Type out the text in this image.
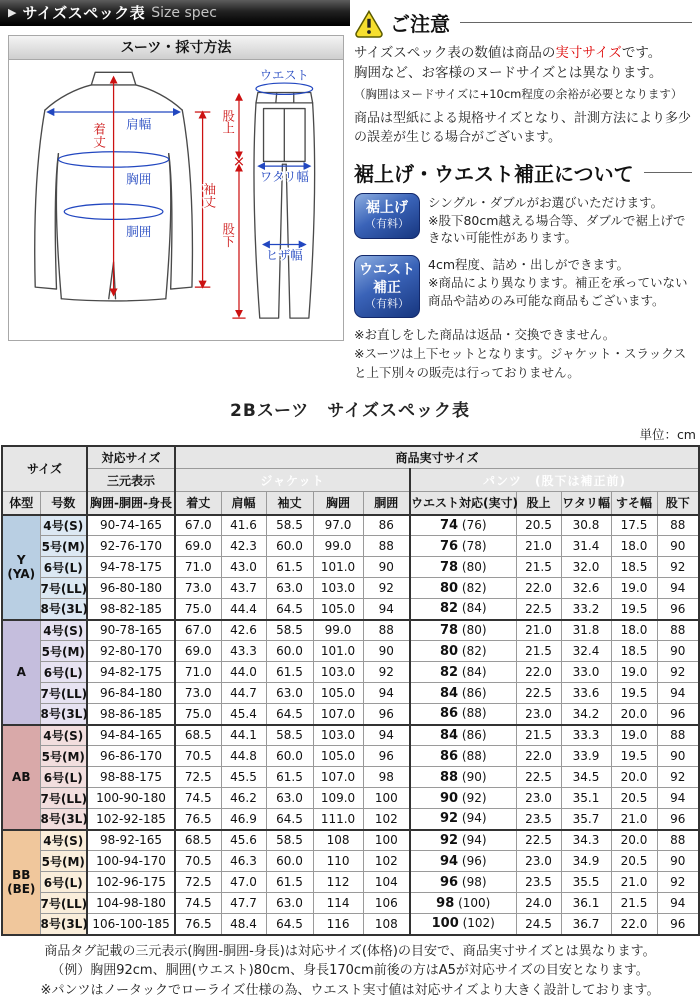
▶ サイズスペック表 Size spec
スーツ・採寸方法
肩幅
着丈
胸囲
胴囲
袖丈
ウエスト
股上
ワタリ幅
股下
ヒザ幅
ご注意

サイズスペック表の数値は商品の実寸サイズです。

胸囲など、お客様のヌードサイズとは異なります。

（胸囲はヌードサイズに+10cm程度の余裕が必要となります）

商品は型紙による規格サイズとなり、計測方法により多少の誤差が生じる場合がございます。

裾上げ・ウエスト補正について
裾上げ
（有料）
シングル・ダブルがお選びいただけます。
※股下80cm越える場合等、ダブルで裾上げできない可能性があります。
ウエスト
補正
（有料）
4cm程度、詰め・出しができます。
※商品により異なります。補正を承っていない商品や詰めのみ可能な商品もございます。
※お直しをした商品は返品・交換できません。
※スーツは上下セットとなります。ジャケット・スラックスと上下別々の販売は行っておりません。
2Bスーツ　サイズスペック表
単位：cm
サイズ		対応サイズ	商品実寸サイズ									
		三元表示	ジャケット					パンツ　(股下は補正前)				
体型	号数	胸囲-胴囲-身長	着丈	肩幅	袖丈	胸囲	胴囲	ウエスト対応(実寸)	股上	ワタリ幅	すそ幅	股下

Y
(YA)	4号(S)	90-74-165	67.0	41.6	58.5	97.0	86	74 (76)	20.5	30.8	17.5	88
	5号(M)	92-76-170	69.0	42.3	60.0	99.0	88	76 (78)	21.0	31.4	18.0	90
	6号(L)	94-78-175	71.0	43.0	61.5	101.0	90	78 (80)	21.5	32.0	18.5	92
	7号(LL)	96-80-180	73.0	43.7	63.0	103.0	92	80 (82)	22.0	32.6	19.0	94
	8号(3L)	98-82-185	75.0	44.4	64.5	105.0	94	82 (84)	22.5	33.2	19.5	96

A	4号(S)	90-78-165	67.0	42.6	58.5	99.0	88	78 (80)	21.0	31.8	18.0	88
	5号(M)	92-80-170	69.0	43.3	60.0	101.0	90	80 (82)	21.5	32.4	18.5	90
	6号(L)	94-82-175	71.0	44.0	61.5	103.0	92	82 (84)	22.0	33.0	19.0	92
	7号(LL)	96-84-180	73.0	44.7	63.0	105.0	94	84 (86)	22.5	33.6	19.5	94
	8号(3L)	98-86-185	75.0	45.4	64.5	107.0	96	86 (88)	23.0	34.2	20.0	96

AB	4号(S)	94-84-165	68.5	44.1	58.5	103.0	94	84 (86)	21.5	33.3	19.0	88
	5号(M)	96-86-170	70.5	44.8	60.0	105.0	96	86 (88)	22.0	33.9	19.5	90
	6号(L)	98-88-175	72.5	45.5	61.5	107.0	98	88 (90)	22.5	34.5	20.0	92
	7号(LL)	100-90-180	74.5	46.2	63.0	109.0	100	90 (92)	23.0	35.1	20.5	94
	8号(3L)	102-92-185	76.5	46.9	64.5	111.0	102	92 (94)	23.5	35.7	21.0	96

BB
(BE)	4号(S)	98-92-165	68.5	45.6	58.5	108	100	92 (94)	22.5	34.3	20.0	88
	5号(M)	100-94-170	70.5	46.3	60.0	110	102	94 (96)	23.0	34.9	20.5	90
	6号(L)	102-96-175	72.5	47.0	61.5	112	104	96 (98)	23.5	35.5	21.0	92
	7号(LL)	104-98-180	74.5	47.7	63.0	114	106	98 (100)	24.0	36.1	21.5	94
	8号(3L)	106-100-185	76.5	48.4	64.5	116	108	100 (102)	24.5	36.7	22.0	96
商品タグ記載の三元表示(胸囲-胴囲-身長)は対応サイズ(体格)の目安で、商品実寸サイズとは異なります。
（例）胸囲92cm、胴囲(ウエスト)80cm、身長170cm前後の方はA5が対応サイズの目安となります。
※パンツはノータックでローライズ仕様の為、ウエスト実寸値は対応サイズより大きく設計しております。
